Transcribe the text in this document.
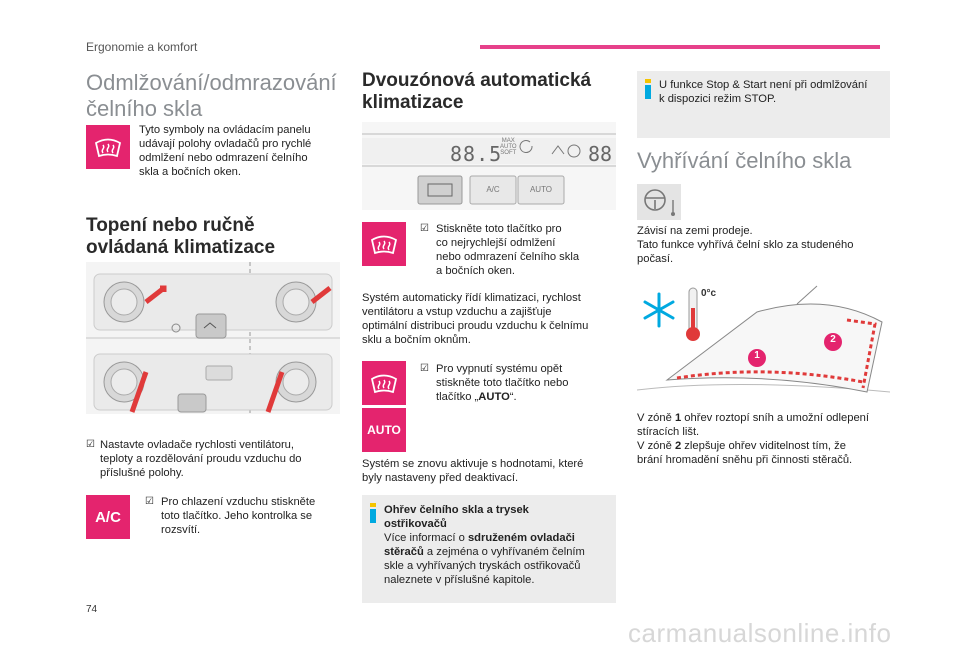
Ergonomie a komfort
Odmlžování/odmrazování
čelního skla

Tyto symboly na ovládacím panelu

udávají polohy ovladačů pro rychlé

odmlžení nebo odmrazení čelního

skla a bočních oken.

Topení nebo ručně
ovládaná klimatizace
☑ Nastavte ovladače rychlosti ventilátoru,

teploty a rozdělování proudu vzduchu do

příslušné polohy.

A/C
☑ Pro chlazení vzduchu stiskněte

toto tlačítko. Jeho kontrolka se

rozsvítí.

Dvouzónová automatická
klimatizace
88.5
MAX
AUTO
SOFT	88
A/C	AUTO
☑ Stiskněte toto tlačítko pro

co nejrychlejší odmlžení

nebo odmrazení čelního skla

a bočních oken.

Systém automaticky řídí klimatizaci, rychlost

ventilátoru a vstup vzduchu a zajišťuje

optimální distribuci proudu vzduchu k čelnímu

sklu a bočním oknům.

☑ Pro vypnutí systému opět

stiskněte toto tlačítko nebo

tlačítko „AUTO“.

AUTO

Systém se znovu aktivuje s hodnotami, které

byly nastaveny před deaktivací.

Ohřev čelního skla a trysek

ostřikovačů

Více informací o sdruženém ovladači

stěračů a zejména o vyhřívaném čelním

skle a vyhřívaných tryskách ostřikovačů

naleznete v příslušné kapitole.

U funkce Stop & Start není při odmlžování

k dispozici režim STOP.

Vyhřívání čelního skla

Závisí na zemi prodeje.

Tato funkce vyhřívá čelní sklo za studeného

počasí.

0°c
1
2

V zóně 1 ohřev roztopí sníh a umožní odlepení

stíracích lišt.

V zóně 2 zlepšuje ohřev viditelnost tím, že

brání hromadění sněhu při činnosti stěračů.

74
carmanualsonline.info
